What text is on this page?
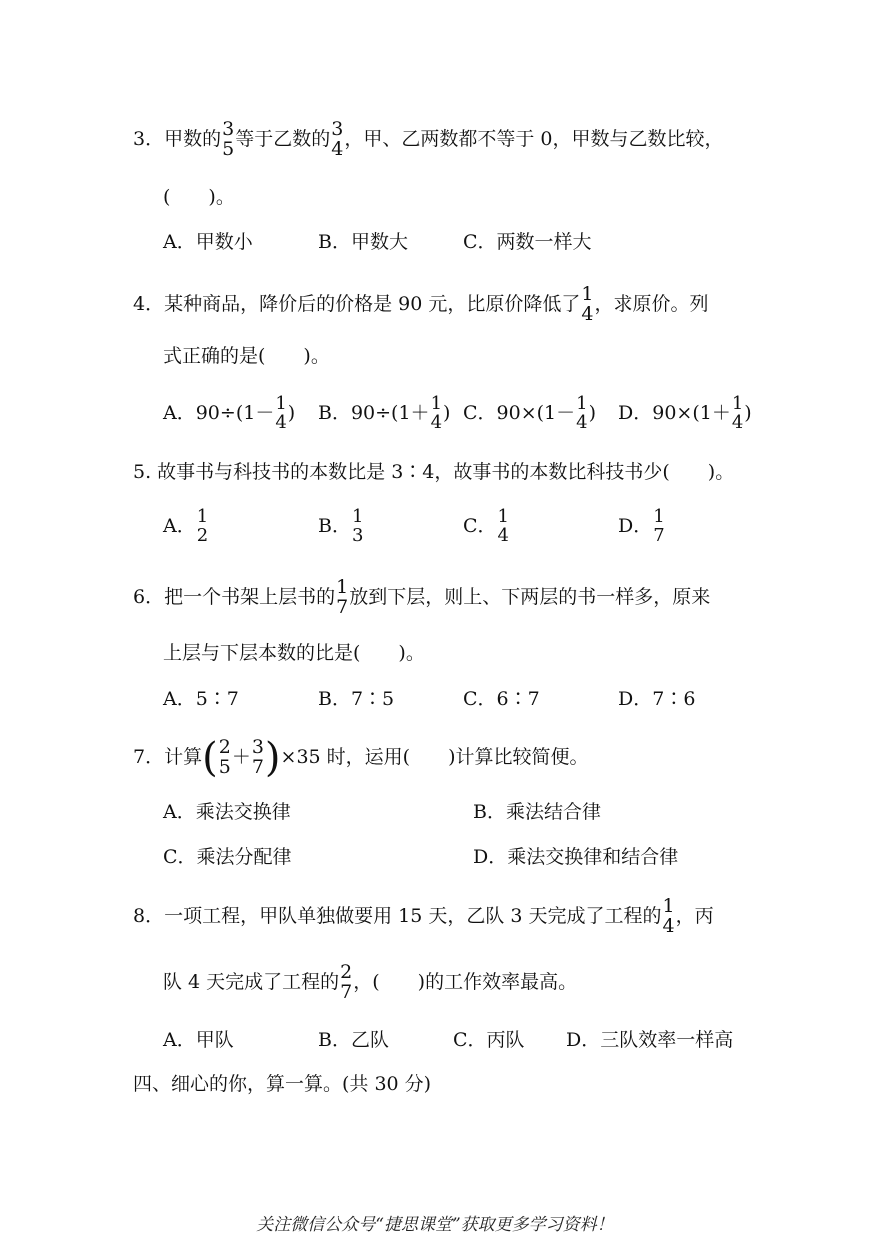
3．甲数的 3
5 等于乙数的 3
4 ，甲、乙两数都不等于 0，甲数与乙数比较，
(　　)。
A．甲数小	B．甲数大	C．两数一样大
4．某种商品，降价后的价格是 90 元，比原价降低了 1
4 ，求原价。列
式正确的是(　　)。
A．90÷(1－ 1
4 ) B．90÷(1＋ 1
4 ) C．90×(1－ 1
4 ) D．90×(1＋ 1
4 )
5. 故事书与科技书的本数比是 3∶4，故事书的本数比科技书少(　　)。
A． 1
2	B． 1
3	C． 1
4	D． 1
7
6．把一个书架上层书的 1
7 放到下层，则上、下两层的书一样多，原来
上层与下层本数的比是(　　)。
A．5∶7	B．7∶5	C．6∶7	D．7∶6
7．计算( 2
5 ＋ 3
7 )×35 时，运用(　　)计算比较简便。
A．乘法交换律	B．乘法结合律
C．乘法分配律	D．乘法交换律和结合律
8．一项工程，甲队单独做要用 15 天，乙队 3 天完成了工程的 1
4 ，丙
队 4 天完成了工程的 2
7 ，(　　)的工作效率最高。
A．甲队	B．乙队	C．丙队 D．三队效率一样高
四、细心的你，算一算。(共 30 分)
关注微信公众号“捷思课堂”获取更多学习资料！
